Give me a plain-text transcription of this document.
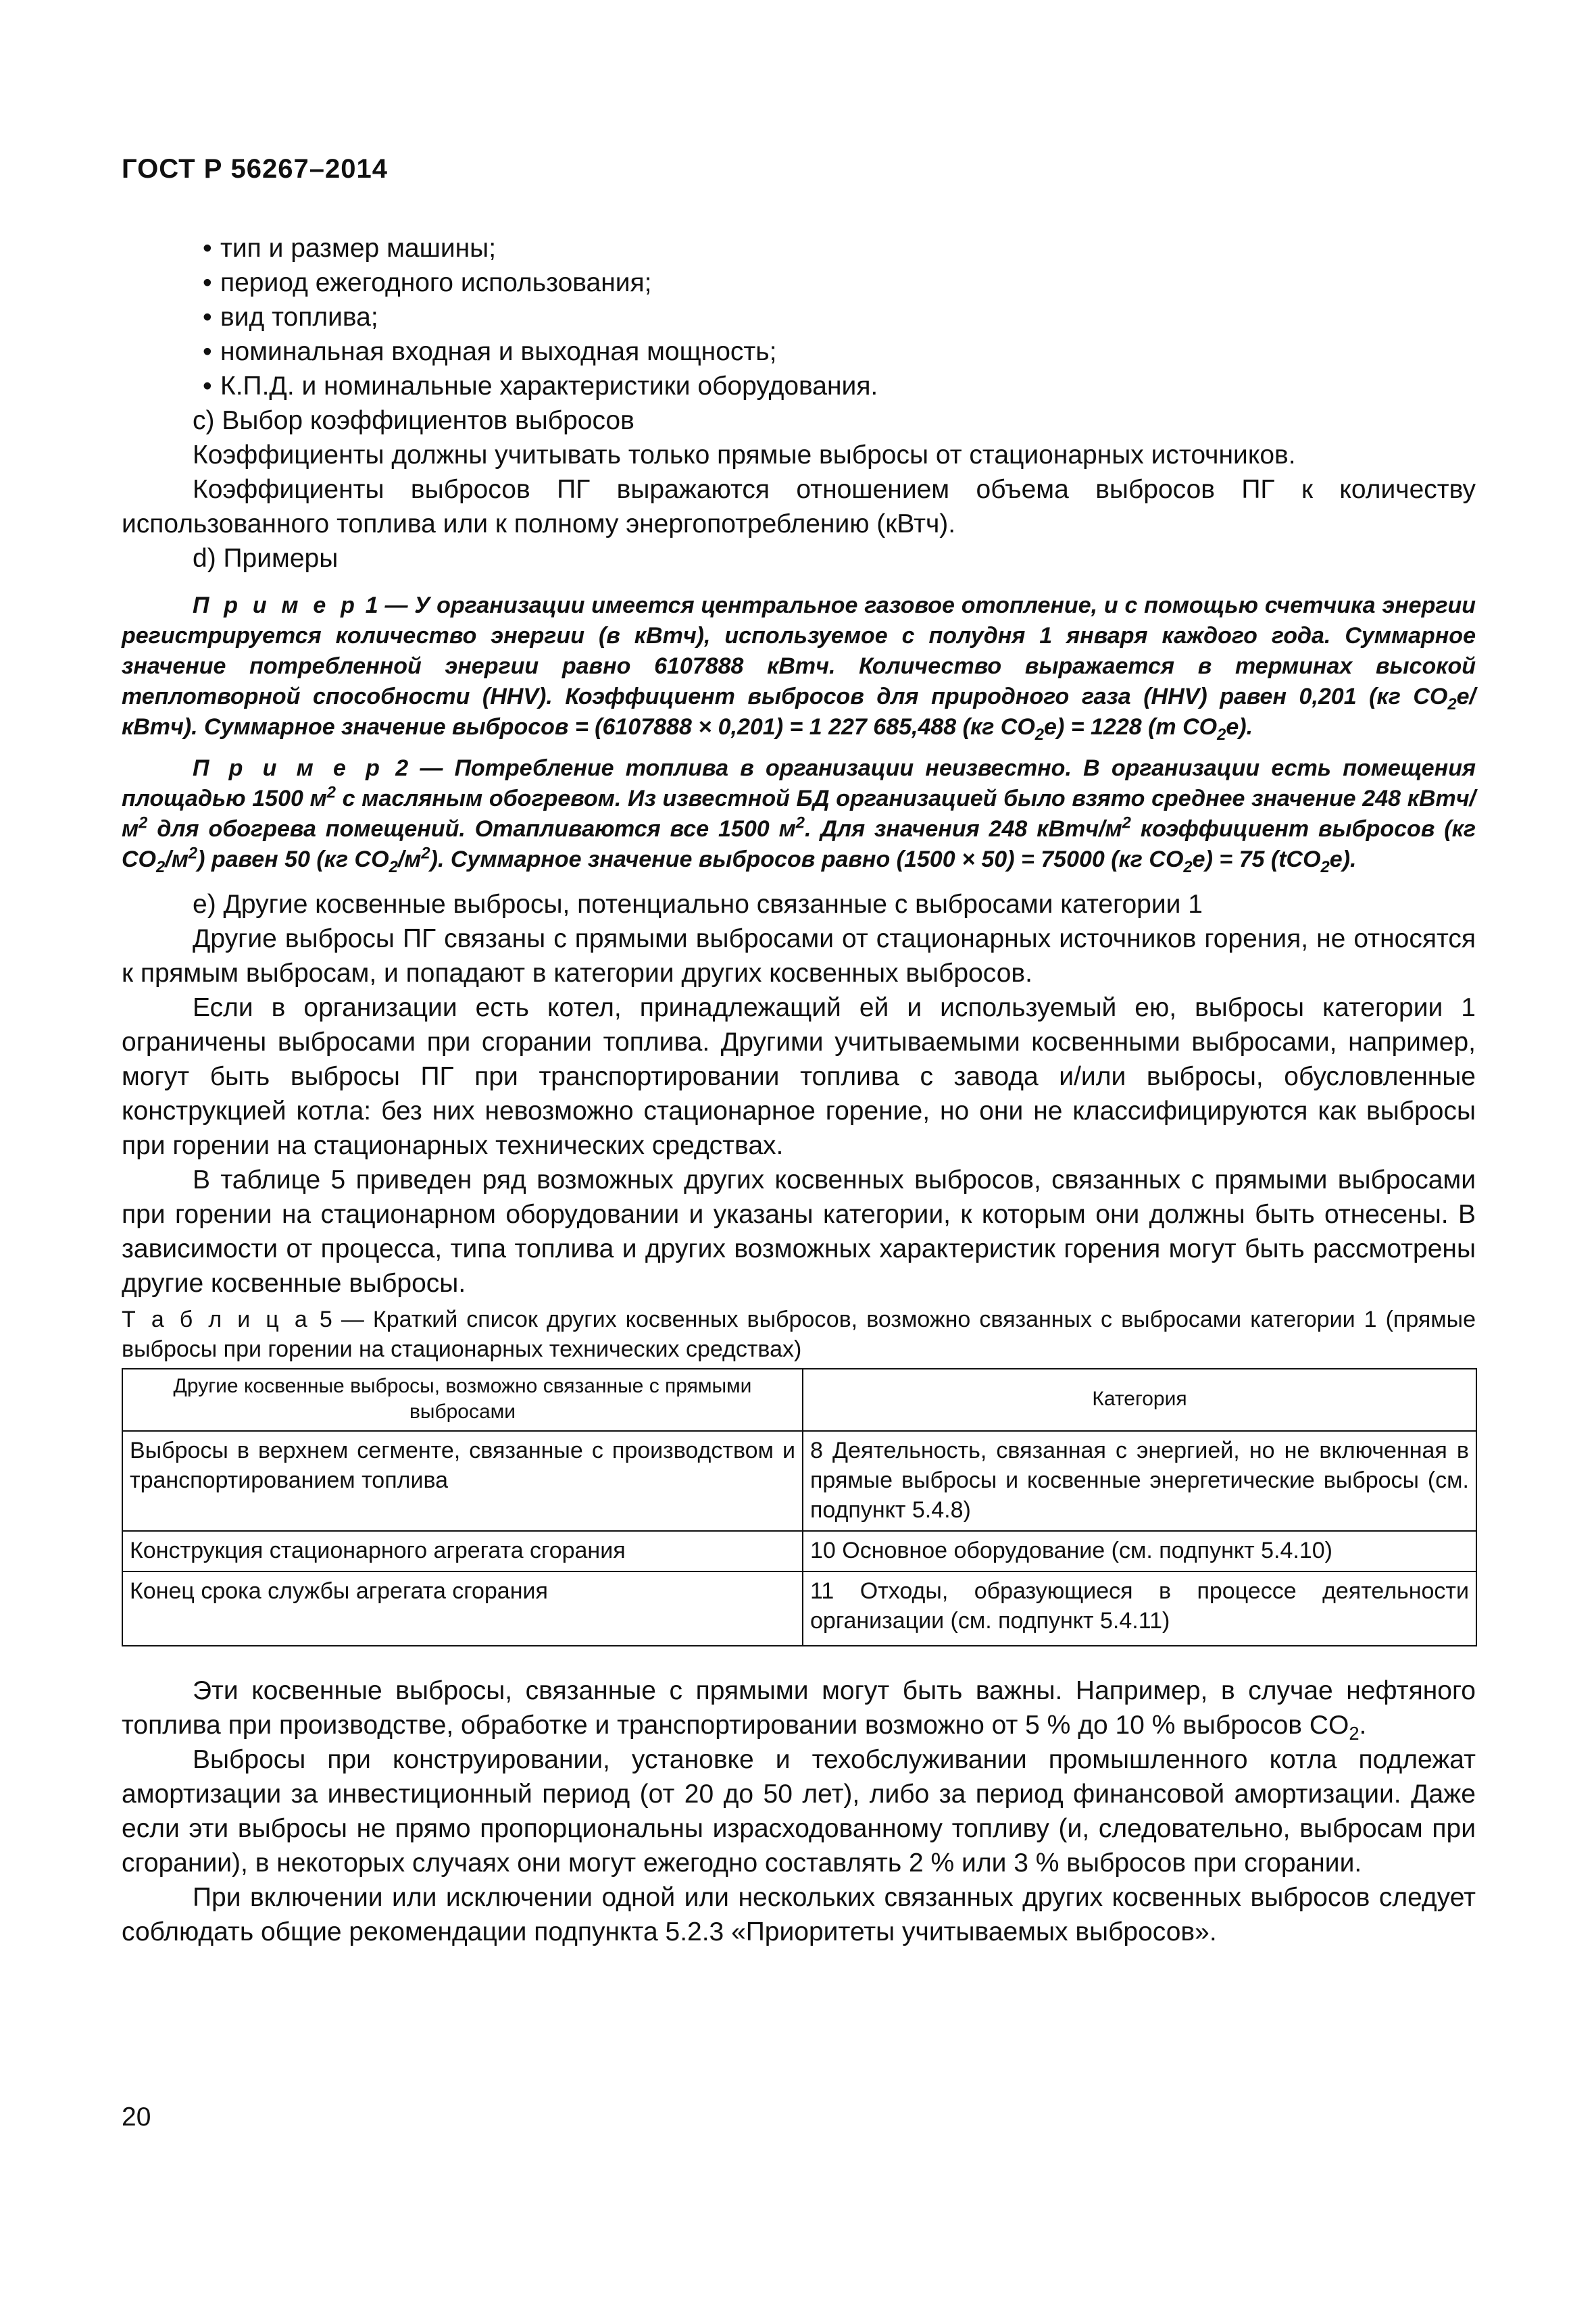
ГОСТ Р 56267–2014
• тип и размер машины;
• период ежегодного использования;
• вид топлива;
• номинальная входная и выходная мощность;
• К.П.Д. и номинальные характеристики оборудования.

c) Выбор коэффициентов выбросов

Коэффициенты должны учитывать только прямые выбросы от стационарных источников.

Коэффициенты выбросов ПГ выражаются отношением объема выбросов ПГ к количеству использованного топлива или к полному энергопотреблению (кВтч).

d) Примеры

П р и м е р 1 — У организации имеется центральное газовое отопление, и с помощью счетчика энергии регистрируется количество энергии (в кВтч), используемое с полудня 1 января каждого года. Суммарное значение потребленной энергии равно 6107888 кВтч. Количество выражается в терминах высокой теплотворной способности (HHV). Коэффициент выбросов для природного газа (HHV) равен 0,201 (кг $CO_2е/кВтч$). Суммарное значение выбросов = (6107888 × 0,201) = 1 227 685,488 (кг $CO_2е) = 1228$ (т $CO_2е$).

П р и м е р 2 — Потребление топлива в организации неизвестно. В организации есть помещения площадью 1500 $м^2$ с масляным обогревом. Из известной БД организацией было взято среднее значение 248 кВтч/$м^2$ для обогрева помещений. Отапливаются все 1500 $м^2$. Для значения 248 кВтч/$м^2$ коэффициент выбросов (кг $CO_2/м^2$) равен 50 (кг $CO_2/м^2$). Суммарное значение выбросов равно (1500 × 50) = 75000 (кг $CO_2е) = 75$ (tCO$_2$е).

e) Другие косвенные выбросы, потенциально связанные с выбросами категории 1

Другие выбросы ПГ связаны с прямыми выбросами от стационарных источников горения, не относятся к прямым выбросам, и попадают в категории других косвенных выбросов.

Если в организации есть котел, принадлежащий ей и используемый ею, выбросы категории 1 ограничены выбросами при сгорании топлива. Другими учитываемыми косвенными выбросами, например, могут быть выбросы ПГ при транспортировании топлива с завода и/или выбросы, обусловленные конструкцией котла: без них невозможно стационарное горение, но они не классифицируются как выбросы при горении на стационарных технических средствах.

В таблице 5 приведен ряд возможных других косвенных выбросов, связанных с прямыми выбросами при горении на стационарном оборудовании и указаны категории, к которым они должны быть отнесены. В зависимости от процесса, типа топлива и других возможных характеристик горения могут быть рассмотрены другие косвенные выбросы.

Т а б л и ц а 5 — Краткий список других косвенных выбросов, возможно связанных с выбросами категории 1 (прямые выбросы при горении на стационарных технических средствах)

Другие косвенные выбросы, возможно связанные с прямыми выбросами	Категория
Выбросы в верхнем сегменте, связанные с производством и транспортированием топлива	8 Деятельность, связанная с энергией, но не включенная в прямые выбросы и косвенные энергетические выбросы (см. подпункт 5.4.8)
Конструкция стационарного агрегата сгорания	10 Основное оборудование (см. подпункт 5.4.10)
Конец срока службы агрегата сгорания	11 Отходы, образующиеся в процессе деятельности организации (см. подпункт 5.4.11)

Эти косвенные выбросы, связанные с прямыми могут быть важны. Например, в случае нефтяного топлива при производстве, обработке и транспортировании возможно от 5 % до 10 % выбросов $CO_2$.

Выбросы при конструировании, установке и техобслуживании промышленного котла подлежат амортизации за инвестиционный период (от 20 до 50 лет), либо за период финансовой амортизации. Даже если эти выбросы не прямо пропорциональны израсходованному топливу (и, следовательно, выбросам при сгорании), в некоторых случаях они могут ежегодно составлять 2 % или 3 % выбросов при сгорании.

При включении или исключении одной или нескольких связанных других косвенных выбросов следует соблюдать общие рекомендации подпункта 5.2.3 «Приоритеты учитываемых выбросов».

20
